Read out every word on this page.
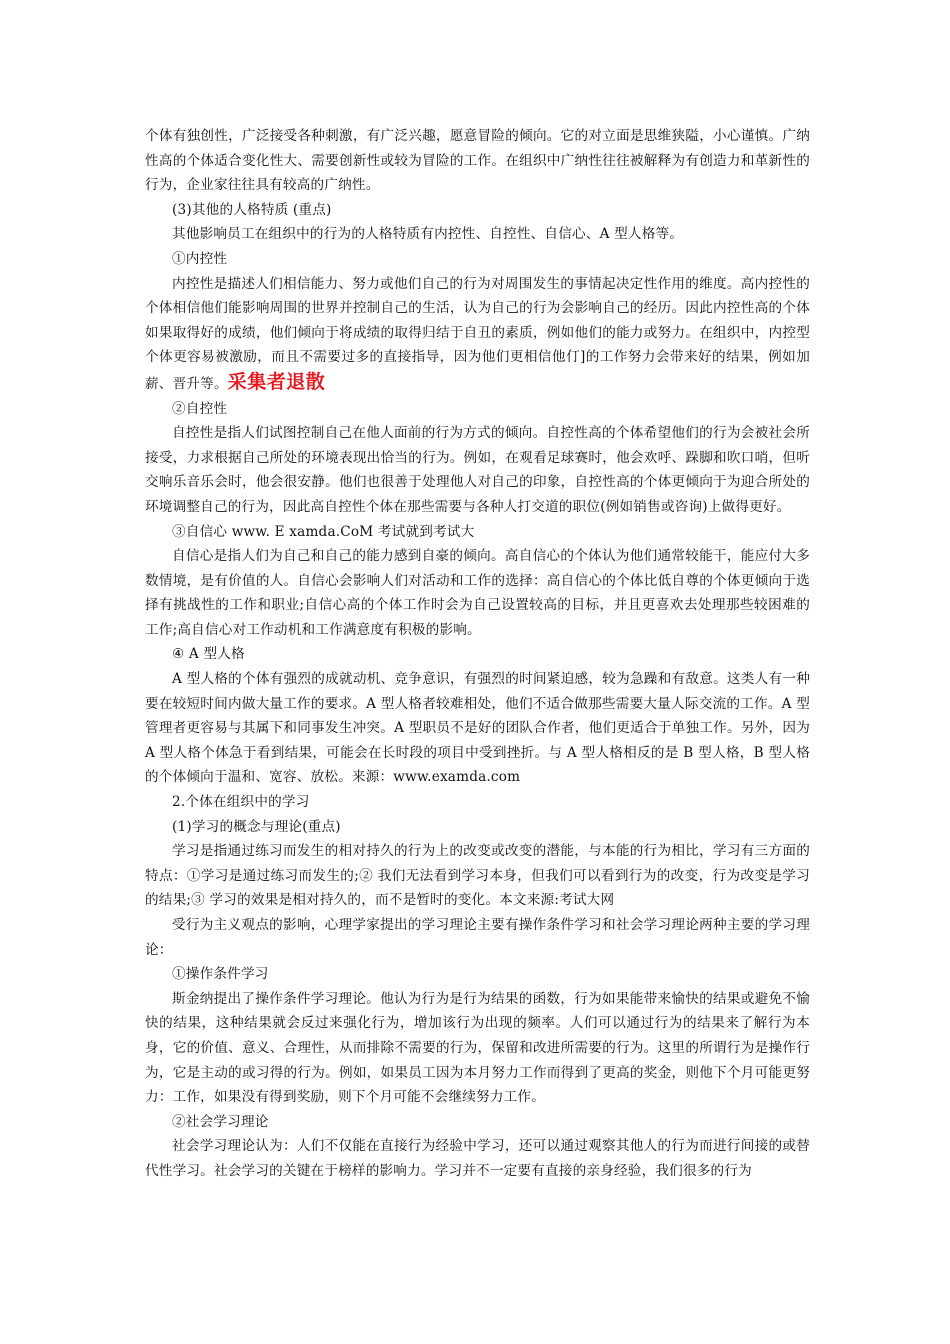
个体有独创性，广泛接受各种刺激，有广泛兴趣，愿意冒险的倾向。它的对立面是思维狭隘，小心谨慎。广纳性高的个体适合变化性大、需要创新性或较为冒险的工作。在组织中广纳性往往被解释为有创造力和革新性的行为，企业家往往具有较高的广纳性。

(3)其他的人格特质 (重点)

其他影响员工在组织中的行为的人格特质有内控性、自控性、自信心、A 型人格等。

①内控性

内控性是描述人们相信能力、努力或他们自己的行为对周围发生的事情起决定性作用的维度。高内控性的个体相信他们能影响周围的世界并控制自己的生活，认为自己的行为会影响自己的经历。因此内控性高的个体如果取得好的成绩，他们倾向于将成绩的取得归结于自丑的素质，例如他们的能力或努力。在组织中，内控型个体更容易被激励，而且不需要过多的直接指导，因为他们更相信他仃]的工作努力会带来好的结果，例如加薪、晋升等。采集者退散

②自控性

自控性是指人们试图控制自己在他人面前的行为方式的倾向。自控性高的个体希望他们的行为会被社会所接受，力求根据自己所处的环境表现出恰当的行为。例如，在观看足球赛时，他会欢呼、跺脚和吹口哨，但听交响乐音乐会时，他会很安静。他们也很善于处理他人对自己的印象，自控性高的个体更倾向于为迎合所处的环境调整自己的行为，因此高自控性个体在那些需要与各种人打交道的职位(例如销售或咨询)上做得更好。

③自信心 www. E xamda.CoM 考试就到考试大

自信心是指人们为自己和自己的能力感到自豪的倾向。高自信心的个体认为他们通常较能干，能应付大多数情境，是有价值的人。自信心会影响人们对活动和工作的选择：高自信心的个体比低自尊的个体更倾向于选择有挑战性的工作和职业;自信心高的个体工作时会为自己设置较高的目标，并且更喜欢去处理那些较困难的工作;高自信心对工作动机和工作满意度有积极的影响。

④ A 型人格

A 型人格的个体有强烈的成就动机、竞争意识，有强烈的时间紧迫感，较为急躁和有敌意。这类人有一种要在较短时间内做大量工作的要求。A 型人格者较难相处，他们不适合做那些需要大量人际交流的工作。A 型管理者更容易与其属下和同事发生冲突。A 型职员不是好的团队合作者，他们更适合于单独工作。另外，因为 A 型人格个体急于看到结果，可能会在长时段的项目中受到挫折。与 A 型人格相反的是 B 型人格，B 型人格的个体倾向于温和、宽容、放松。来源：www.examda.com

2.个体在组织中的学习

(1)学习的概念与理论(重点)

学习是指通过练习而发生的相对持久的行为上的改变或改变的潜能，与本能的行为相比，学习有三方面的特点：①学习是通过练习而发生的;② 我们无法看到学习本身，但我们可以看到行为的改变，行为改变是学习的结果;③ 学习的效果是相对持久的，而不是暂时的变化。本文来源:考试大网

受行为主义观点的影响，心理学家提出的学习理论主要有操作条件学习和社会学习理论两种主要的学习理论：

①操作条件学习

斯金纳提出了操作条件学习理论。他认为行为是行为结果的函数，行为如果能带来愉快的结果或避免不愉快的结果，这种结果就会反过来强化行为，增加该行为出现的频率。人们可以通过行为的结果来了解行为本身，它的价值、意义、合理性，从而排除不需要的行为，保留和改进所需要的行为。这里的所谓行为是操作行为，它是主动的或习得的行为。例如，如果员工因为本月努力工作而得到了更高的奖金，则他下个月可能更努力：工作，如果没有得到奖励，则下个月可能不会继续努力工作。

②社会学习理论

社会学习理论认为：人们不仅能在直接行为经验中学习，还可以通过观察其他人的行为而进行间接的或替代性学习。社会学习的关键在于榜样的影响力。学习并不一定要有直接的亲身经验，我们很多的行为
